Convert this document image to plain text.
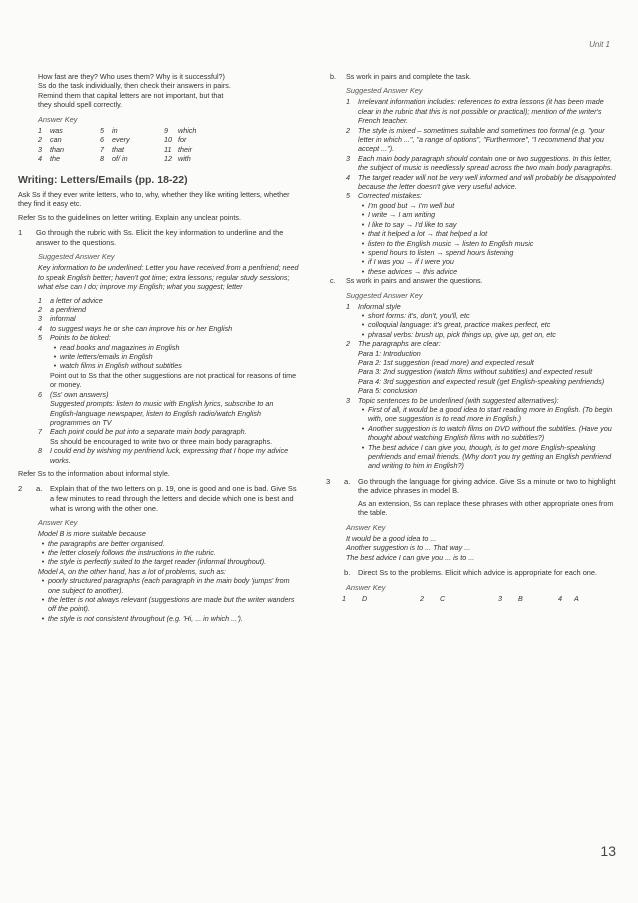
Unit 1

How fast are they? Who uses them? Why is it successful?)

Ss do the task individually, then check their answers in pairs.

Remind them that capital letters are not important, but that

they should spell correctly.

Answer Key

1	was	5	in	9	which
2	can	6	every	10 for
3	than	7	that	11 their
4	the	8	of/ in	12 with
Writing: Letters/Emails (pp. 18-22)

Ask Ss if they ever write letters, who to, why, whether they like writing letters, whether they find it easy etc.

Refer Ss to the guidelines on letter writing. Explain any unclear points.

1	Go through the rubric with Ss. Elicit the key information to underline and the answer to the questions.

Suggested Answer Key

Key information to be underlined: Letter you have received from a penfriend; need to speak English better; haven't got time; extra lessons; regular study sessions; what else can I do; improve my English; what you suggest; letter

1	a letter of advice
2	a penfriend
3	informal
4	to suggest ways he or she can improve his or her English
5	Points to be ticked:
• read books and magazines in English
• write letters/emails in English
• watch films in English without subtitles

Point out to Ss that the other suggestions are not practical for reasons of time or money.

6	(Ss' own answers)

Suggested prompts: listen to music with English lyrics, subscribe to an English-language newspaper, listen to English radio/watch English programmes on TV

7	Each point could be put into a separate main body paragraph.

Ss should be encouraged to write two or three main body paragraphs.

8	I could end by wishing my penfriend luck, expressing that I hope my advice works.

Refer Ss to the information about informal style.

2	a.	Explain that of the two letters on p. 19, one is good and one is bad. Give Ss a few minutes to read through the letters and decide which one is best and what is wrong with the other one.

Answer Key

Model B is more suitable because

• the paragraphs are better organised.
• the letter closely follows the instructions in the rubric.
• the style is perfectly suited to the target reader (informal throughout).

Model A, on the other hand, has a lot of problems, such as:

• poorly structured paragraphs (each paragraph in the main body 'jumps' from one subject to another).
• the letter is not always relevant (suggestions are made but the writer wanders off the point).
• the style is not consistent throughout (e.g. 'Hi, ... in which ...').
b.	Ss work in pairs and complete the task.

Suggested Answer Key

1	Irrelevant information includes: references to extra lessons (it has been made clear in the rubric that this is not possible or practical); mention of the writer's French teacher.
2	The style is mixed – sometimes suitable and sometimes too formal (e.g. "your letter in which ...", "a range of options", "Furthermore", "I recommend that you accept ...").
3	Each main body paragraph should contain one or two suggestions. In this letter, the subject of music is needlessly spread across the two main body paragraphs.
4	The target reader will not be very well informed and will probably be disappointed because the letter doesn't give very useful advice.
5	Corrected mistakes:
• I'm good but → I'm well but
• I write → I am writing
• I like to say → I'd like to say
• that it helped a lot → that helped a lot
• listen to the English music → listen to English music
• spend hours to listen → spend hours listening
• if I was you → if I were you
• these advices → this advice
c.	Ss work in pairs and answer the questions.

Suggested Answer Key

1	Informal style
• short forms: it's, don't, you'll, etc
• colloquial language: it's great, practice makes perfect, etc
• phrasal verbs: brush up, pick things up, give up, get on, etc
2	The paragraphs are clear:

Para 1: Introduction

Para 2: 1st suggestion (read more) and expected result

Para 3: 2nd suggestion (watch films without subtitles) and expected result

Para 4: 3rd suggestion and expected result (get English-speaking penfriends)

Para 5: conclusion

3	Topic sentences to be underlined (with suggested alternatives):
• First of all, it would be a good idea to start reading more in English. (To begin with, one suggestion is to read more in English.)
• Another suggestion is to watch films on DVD without the subtitles. (Have you thought about watching English films with no subtitles?)
• The best advice I can give you, though, is to get more English-speaking penfriends and email friends. (Why don't you try getting an English penfriend and writing to him in English?)
3	a.	Go through the language for giving advice. Give Ss a minute or two to highlight the advice phrases in model B.

As an extension, Ss can replace these phrases with other appropriate ones from the table.

Answer Key

It would be a good idea to ...

Another suggestion is to ... That way ...

The best advice I can give you ... is to ...

b.	Direct Ss to the problems. Elicit which advice is appropriate for each one.

Answer Key

1	D	2	C	3	B	4	A
13
